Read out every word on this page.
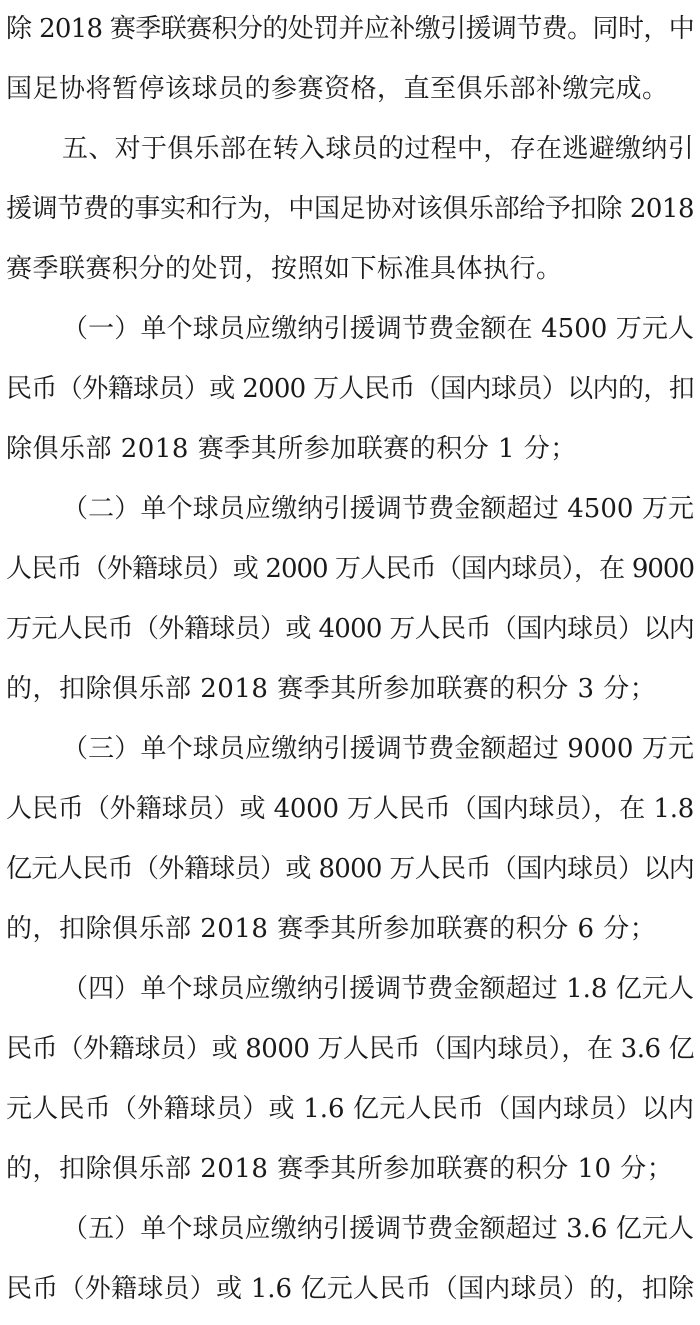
除 2018 赛季联赛积分的处罚并应补缴引援调节费。同时，中
国足协将暂停该球员的参赛资格，直至俱乐部补缴完成。
五、对于俱乐部在转入球员的过程中，存在逃避缴纳引
援调节费的事实和行为，中国足协对该俱乐部给予扣除 2018
赛季联赛积分的处罚，按照如下标准具体执行。
（一）单个球员应缴纳引援调节费金额在 4500 万元人
民币（外籍球员）或 2000 万人民币（国内球员）以内的，扣
除俱乐部 2018 赛季其所参加联赛的积分 1 分；
（二）单个球员应缴纳引援调节费金额超过 4500 万元
人民币（外籍球员）或 2000 万人民币（国内球员），在 9000
万元人民币（外籍球员）或 4000 万人民币（国内球员）以内
的，扣除俱乐部 2018 赛季其所参加联赛的积分 3 分；
（三）单个球员应缴纳引援调节费金额超过 9000 万元
人民币（外籍球员）或 4000 万人民币（国内球员），在 1.8
亿元人民币（外籍球员）或 8000 万人民币（国内球员）以内
的，扣除俱乐部 2018 赛季其所参加联赛的积分 6 分；
（四）单个球员应缴纳引援调节费金额超过 1.8 亿元人
民币（外籍球员）或 8000 万人民币（国内球员），在 3.6 亿
元人民币（外籍球员）或 1.6 亿元人民币（国内球员）以内
的，扣除俱乐部 2018 赛季其所参加联赛的积分 10 分；
（五）单个球员应缴纳引援调节费金额超过 3.6 亿元人
民币（外籍球员）或 1.6 亿元人民币（国内球员）的，扣除
